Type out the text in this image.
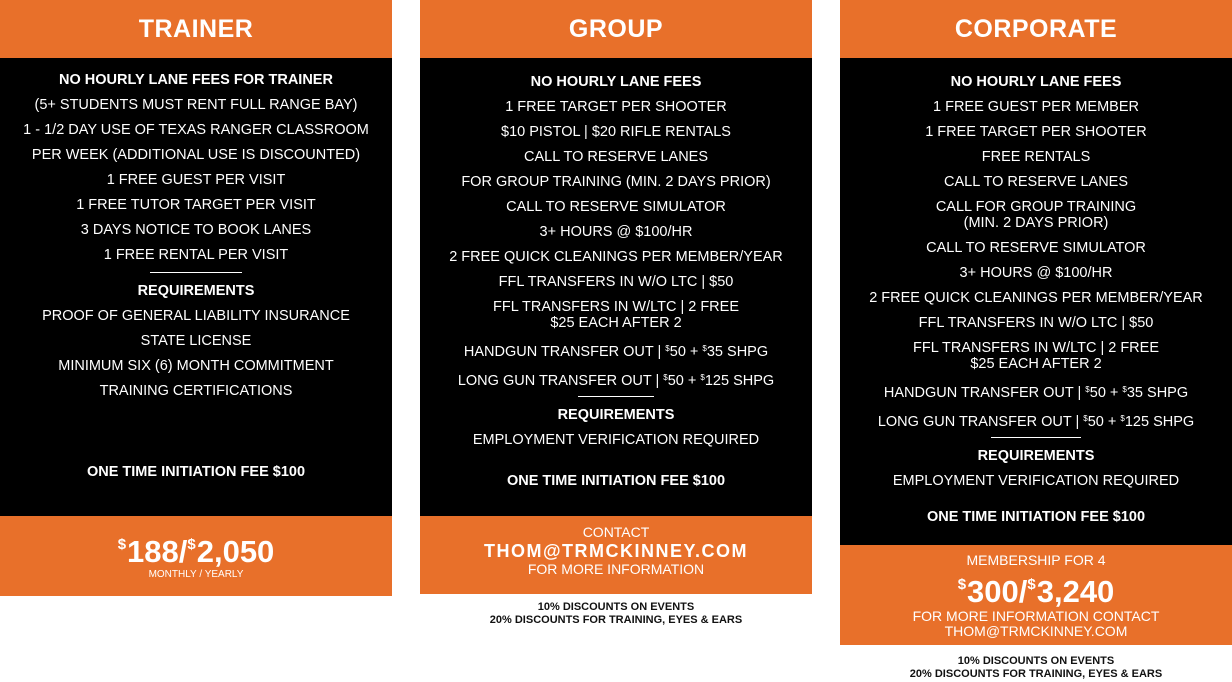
TRAINER
NO HOURLY LANE FEES FOR TRAINER
(5+ STUDENTS MUST RENT FULL RANGE BAY)
1 - 1/2 DAY USE OF TEXAS RANGER CLASSROOM
PER WEEK (ADDITIONAL USE IS DISCOUNTED)
1 FREE GUEST PER VISIT
1 FREE TUTOR TARGET PER VISIT
3 DAYS NOTICE TO BOOK LANES
1 FREE RENTAL PER VISIT
REQUIREMENTS
PROOF OF GENERAL LIABILITY INSURANCE
STATE LICENSE
MINIMUM SIX (6) MONTH COMMITMENT
TRAINING CERTIFICATIONS
ONE TIME INITIATION FEE $100
$188/$2,050
MONTHLY / YEARLY
GROUP
NO HOURLY LANE FEES
1 FREE TARGET PER SHOOTER
$10 PISTOL | $20 RIFLE RENTALS
CALL TO RESERVE LANES
FOR GROUP TRAINING (MIN. 2 DAYS PRIOR)
CALL TO RESERVE SIMULATOR
3+ HOURS @ $100/HR
2 FREE QUICK CLEANINGS PER MEMBER/YEAR
FFL TRANSFERS IN W/O LTC | $50
FFL TRANSFERS IN W/LTC | 2 FREE
$25 EACH AFTER 2
HANDGUN TRANSFER OUT | $50 + $35 SHPG
LONG GUN TRANSFER OUT | $50 + $125 SHPG
REQUIREMENTS
EMPLOYMENT VERIFICATION REQUIRED
ONE TIME INITIATION FEE $100
CONTACT
THOM@TRMCKINNEY.COM
FOR MORE INFORMATION
10% DISCOUNTS ON EVENTS
20% DISCOUNTS FOR TRAINING, EYES & EARS
CORPORATE
NO HOURLY LANE FEES
1 FREE GUEST PER MEMBER
1 FREE TARGET PER SHOOTER
FREE RENTALS
CALL TO RESERVE LANES
CALL FOR GROUP TRAINING
(MIN. 2 DAYS PRIOR)
CALL TO RESERVE SIMULATOR
3+ HOURS @ $100/HR
2 FREE QUICK CLEANINGS PER MEMBER/YEAR
FFL TRANSFERS IN W/O LTC | $50
FFL TRANSFERS IN W/LTC | 2 FREE
$25 EACH AFTER 2
HANDGUN TRANSFER OUT | $50 + $35 SHPG
LONG GUN TRANSFER OUT | $50 + $125 SHPG
REQUIREMENTS
EMPLOYMENT VERIFICATION REQUIRED
ONE TIME INITIATION FEE $100
MEMBERSHIP FOR 4
$300/$3,240
FOR MORE INFORMATION CONTACT
THOM@TRMCKINNEY.COM
10% DISCOUNTS ON EVENTS
20% DISCOUNTS FOR TRAINING, EYES & EARS
